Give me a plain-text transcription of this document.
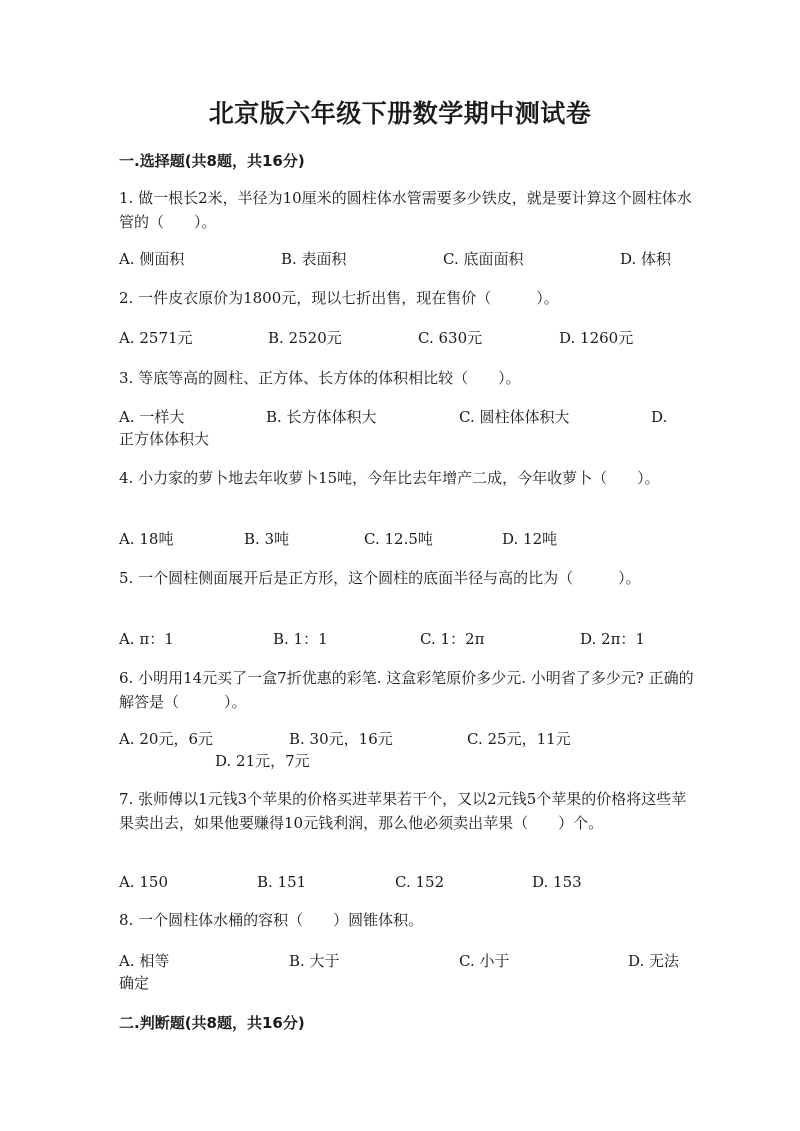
北京版六年级下册数学期中测试卷
一.选择题(共8题，共16分)
1. 做一根长2米，半径为10厘米的圆柱体水管需要多少铁皮，就是要计算这个圆柱体水管的（　　）。
A. 侧面积	B. 表面积	C. 底面面积	D. 体积
2. 一件皮衣原价为1800元，现以七折出售，现在售价（　　　）。
A. 2571元	B. 2520元	C. 630元	D. 1260元
3. 等底等高的圆柱、正方体、长方体的体积相比较（　　）。
A. 一样大	B. 长方体体积大	C. 圆柱体体积大	D.
正方体体积大
4. 小力家的萝卜地去年收萝卜15吨，今年比去年增产二成，今年收萝卜（　　）。
A. 18吨	B. 3吨	C. 12.5吨	D. 12吨
5. 一个圆柱侧面展开后是正方形，这个圆柱的底面半径与高的比为（　　　）。
A. π：1	B. 1：1	C. 1：2π	D. 2π：1
6. 小明用14元买了一盒7折优惠的彩笔. 这盒彩笔原价多少元. 小明省了多少元? 正确的解答是（　　　）。
A. 20元，6元	B. 30元，16元	C. 25元，11元
D. 21元，7元
7. 张师傅以1元钱3个苹果的价格买进苹果若干个，又以2元钱5个苹果的价格将这些苹果卖出去，如果他要赚得10元钱利润，那么他必须卖出苹果（　　）个。
A. 150	B. 151	C. 152	D. 153
8. 一个圆柱体水桶的容积（　　）圆锥体积。
A. 相等	B. 大于	C. 小于	D. 无法
确定
二.判断题(共8题，共16分)
